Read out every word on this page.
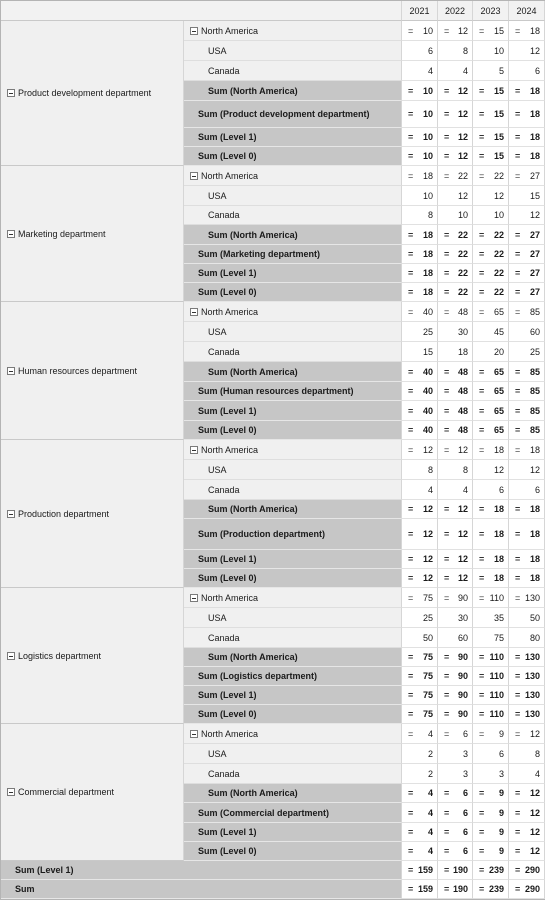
2021 2022 2023 2024
Product development department
North America	= 10 = 12 = 15 = 18
USA	6	8	10	12
Canada	4	4	5	6
Sum (North America)	= 10 = 12 = 15 = 18
Sum (Product development department)	= 10 = 12 = 15 = 18
Sum (Level 1)	= 10 = 12 = 15 = 18
Sum (Level 0)	= 10 = 12 = 15 = 18
Marketing department
North America	= 18 = 22 = 22 = 27
USA	10	12	12	15
Canada	8	10	10	12
Sum (North America)	= 18 = 22 = 22 = 27
Sum (Marketing department)	= 18 = 22 = 22 = 27
Sum (Level 1)	= 18 = 22 = 22 = 27
Sum (Level 0)	= 18 = 22 = 22 = 27
Human resources department
North America	= 40 = 48 = 65 = 85
USA	25	30	45	60
Canada	15	18	20	25
Sum (North America)	= 40 = 48 = 65 = 85
Sum (Human resources department)	= 40 = 48 = 65 = 85
Sum (Level 1)	= 40 = 48 = 65 = 85
Sum (Level 0)	= 40 = 48 = 65 = 85
Production department
North America	= 12 = 12 = 18 = 18
USA	8	8	12	12
Canada	4	4	6	6
Sum (North America)	= 12 = 12 = 18 = 18
Sum (Production department)	= 12 = 12 = 18 = 18
Sum (Level 1)	= 12 = 12 = 18 = 18
Sum (Level 0)	= 12 = 12 = 18 = 18
Logistics department
North America	= 75 = 90 = 110 = 130
USA	25	30	35	50
Canada	50	60	75	80
Sum (North America)	= 75 = 90 = 110 = 130
Sum (Logistics department)	= 75 = 90 = 110 = 130
Sum (Level 1)	= 75 = 90 = 110 = 130
Sum (Level 0)	= 75 = 90 = 110 = 130
Commercial department
North America	= 4 = 6 = 9 = 12
USA	2	3	6	8
Canada	2	3	3	4
Sum (North America)	= 4 = 6 = 9 = 12
Sum (Commercial department)	= 4 = 6 = 9 = 12
Sum (Level 1)	= 4 = 6 = 9 = 12
Sum (Level 0)	= 4 = 6 = 9 = 12
Sum (Level 1)	= 159 = 190 = 239 = 290
Sum	= 159 = 190 = 239 = 290
